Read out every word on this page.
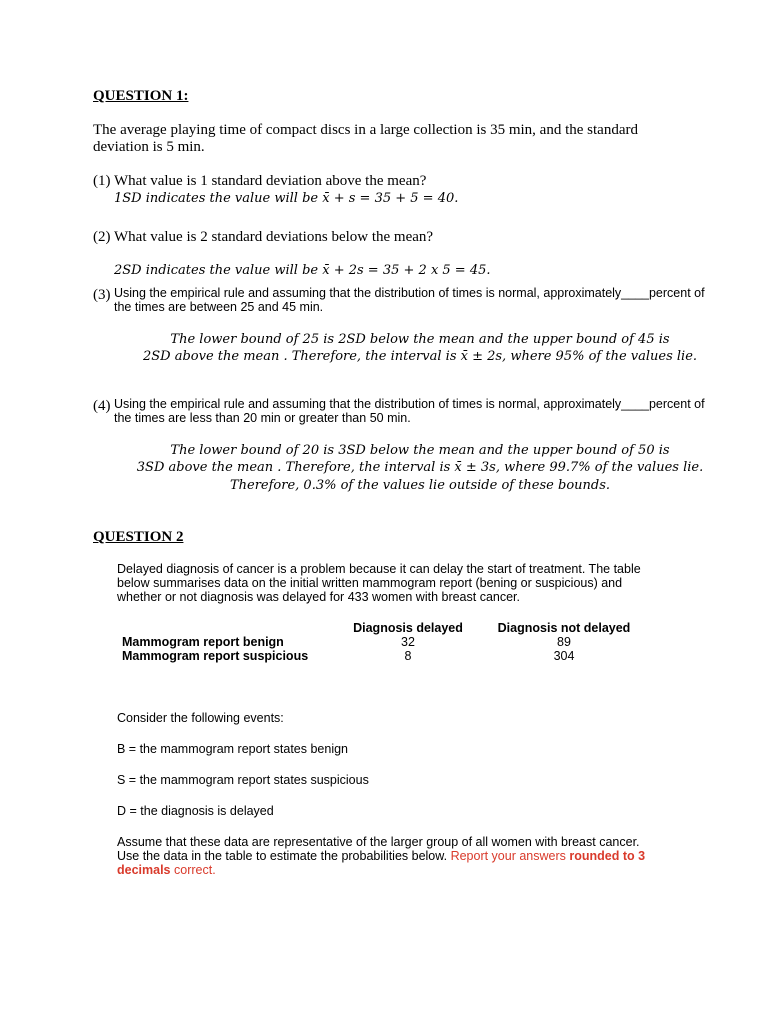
QUESTION 1:
The average playing time of compact discs in a large collection is 35 min, and the standard deviation is 5 min.
(1) What value is 1 standard deviation above the mean?
1SD indicates the value will be x̄ + s = 35 + 5 = 40.
(2) What value is 2 standard deviations below the mean?
2SD indicates the value will be x̄ + 2s = 35 + 2 x 5 = 45.
(3) Using the empirical rule and assuming that the distribution of times is normal, approximately____percent of
the times are between 25 and 45 min.
The lower bound of 25 is 2SD below the mean and the upper bound of 45 is
2SD above the mean . Therefore, the interval is x̄ ± 2s, where 95% of the values lie.
(4) Using the empirical rule and assuming that the distribution of times is normal, approximately____percent of
the times are less than 20 min or greater than 50 min.
The lower bound of 20 is 3SD below the mean and the upper bound of 50 is
3SD above the mean . Therefore, the interval is x̄ ± 3s, where 99.7% of the values lie.
Therefore, 0.3% of the values lie outside of these bounds.
QUESTION 2
Delayed diagnosis of cancer is a problem because it can delay the start of treatment. The table
below summarises data on the initial written mammogram report (bening or suspicious) and
whether or not diagnosis was delayed for 433 women with breast cancer.
	Diagnosis delayed	Diagnosis not delayed
Mammogram report benign	32	89
Mammogram report suspicious	8	304
Consider the following events:
B = the mammogram report states benign
S = the mammogram report states suspicious
D = the diagnosis is delayed
Assume that these data are representative of the larger group of all women with breast cancer.
Use the data in the table to estimate the probabilities below. Report your answers rounded to 3
decimals correct.
